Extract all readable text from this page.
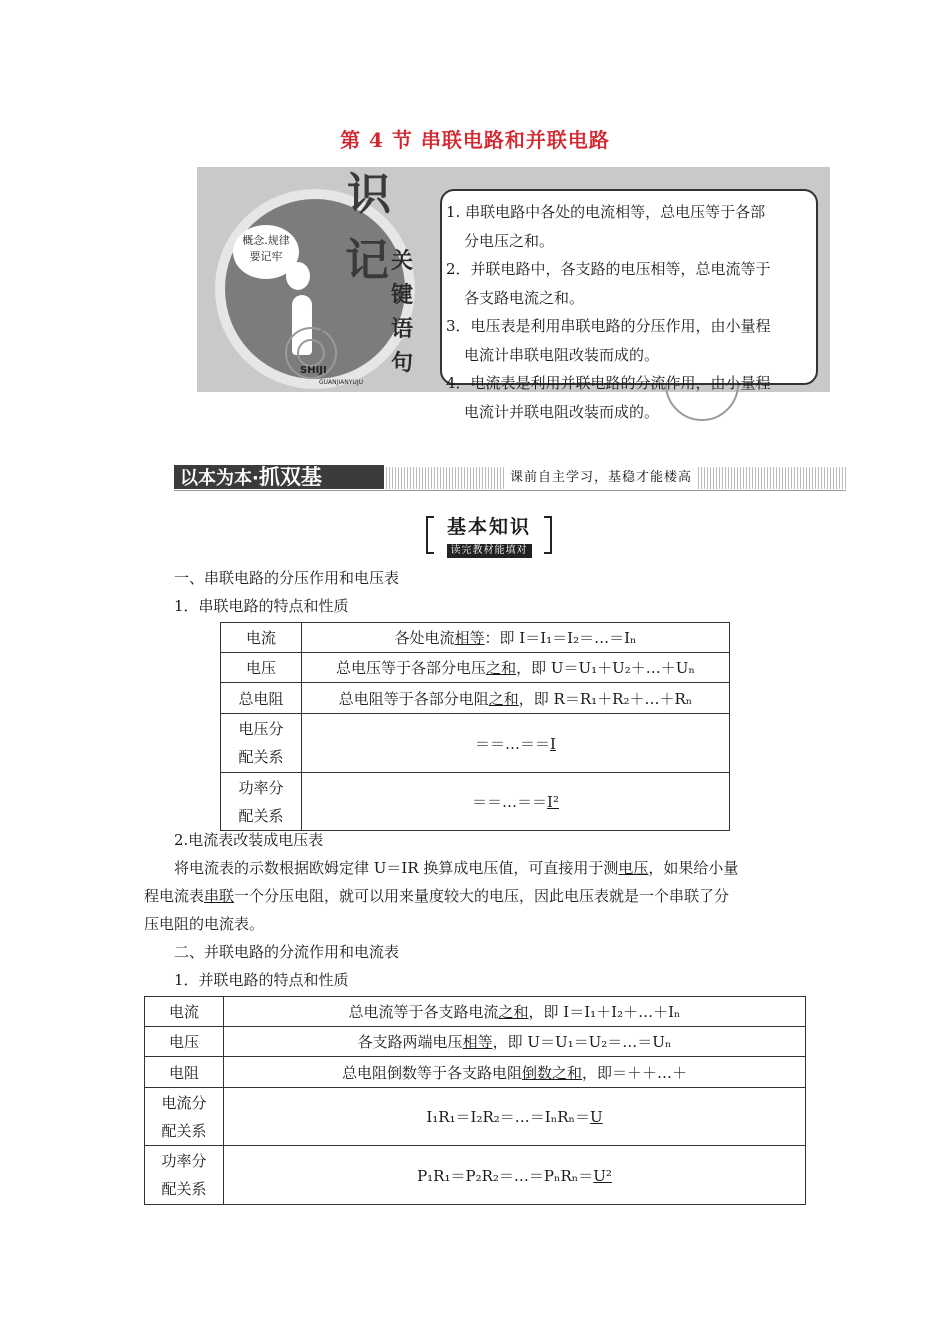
第 4 节 串联电路和并联电路
概念.规律
要记牢
识
记 关键语句
SHIJI
GUANJIANYUJU

1. 串联电路中各处的电流相等，总电压等于各部

分电压之和。

2．并联电路中，各支路的电压相等，总电流等于

各支路电流之和。

3．电压表是利用串联电路的分压作用，由小量程

电流计串联电阻改装而成的。

4．电流表是利用并联电路的分流作用，由小量程

电流计并联电阻改装而成的。

以本为本·抓双基	课前自主学习，基稳才能楼高
基本知识
读完教材能填对
一、串联电路的分压作用和电压表
1．串联电路的特点和性质
电流	各处电流相等：即 I＝I₁＝I₂＝…＝Iₙ
电压	总电压等于各部分电压之和，即 U＝U₁＋U₂＋…＋Uₙ
总电阻	总电阻等于各部分电阻之和，即 R＝R₁＋R₂＋…＋Rₙ

电压分
配关系	＝＝…＝＝I

功率分
配关系	＝＝…＝＝I²
2.电流表改装成电压表
将电流表的示数根据欧姆定律 U＝IR 换算成电压值，可直接用于测电压，如果给小量
程电流表串联一个分压电阻，就可以用来量度较大的电压，因此电压表就是一个串联了分
压电阻的电流表。
二、并联电路的分流作用和电流表
1．并联电路的特点和性质
电流	总电流等于各支路电流之和，即 I＝I₁＋I₂＋…＋Iₙ
电压	各支路两端电压相等，即 U＝U₁＝U₂＝…＝Uₙ
电阻	总电阻倒数等于各支路电阻倒数之和，即＝＋＋…＋

电流分
配关系	I₁R₁＝I₂R₂＝…＝IₙRₙ＝U

功率分
配关系	P₁R₁＝P₂R₂＝…＝PₙRₙ＝U²
